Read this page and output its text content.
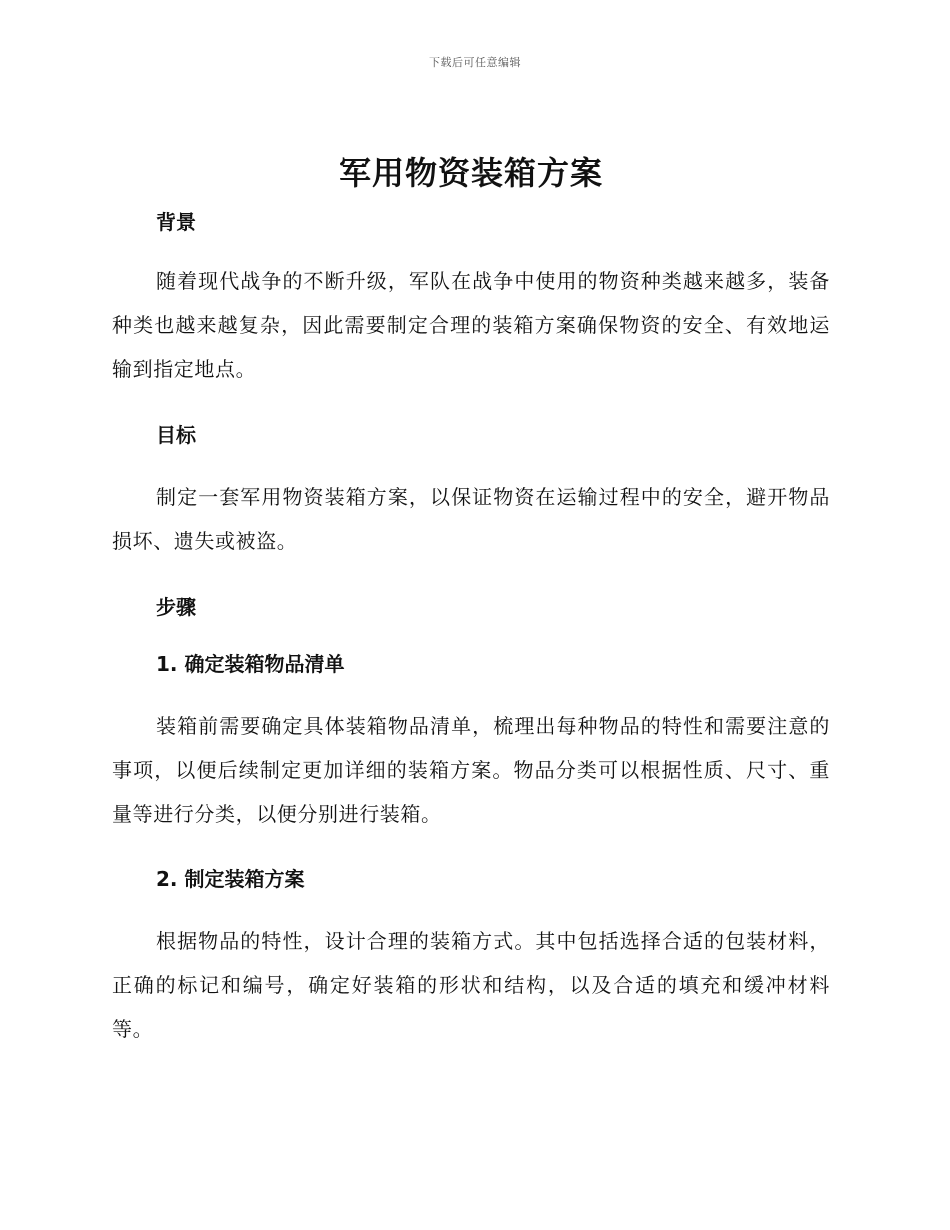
下载后可任意编辑
军用物资装箱方案
背景

随着现代战争的不断升级，军队在战争中使用的物资种类越来越多，装备种类也越来越复杂，因此需要制定合理的装箱方案确保物资的安全、有效地运输到指定地点。

目标

制定一套军用物资装箱方案，以保证物资在运输过程中的安全，避开物品损坏、遗失或被盗。

步骤
1. 确定装箱物品清单

装箱前需要确定具体装箱物品清单，梳理出每种物品的特性和需要注意的事项，以便后续制定更加详细的装箱方案。物品分类可以根据性质、尺寸、重量等进行分类，以便分别进行装箱。

2. 制定装箱方案

根据物品的特性，设计合理的装箱方式。其中包括选择合适的包装材料，正确的标记和编号，确定好装箱的形状和结构，以及合适的填充和缓冲材料等。
